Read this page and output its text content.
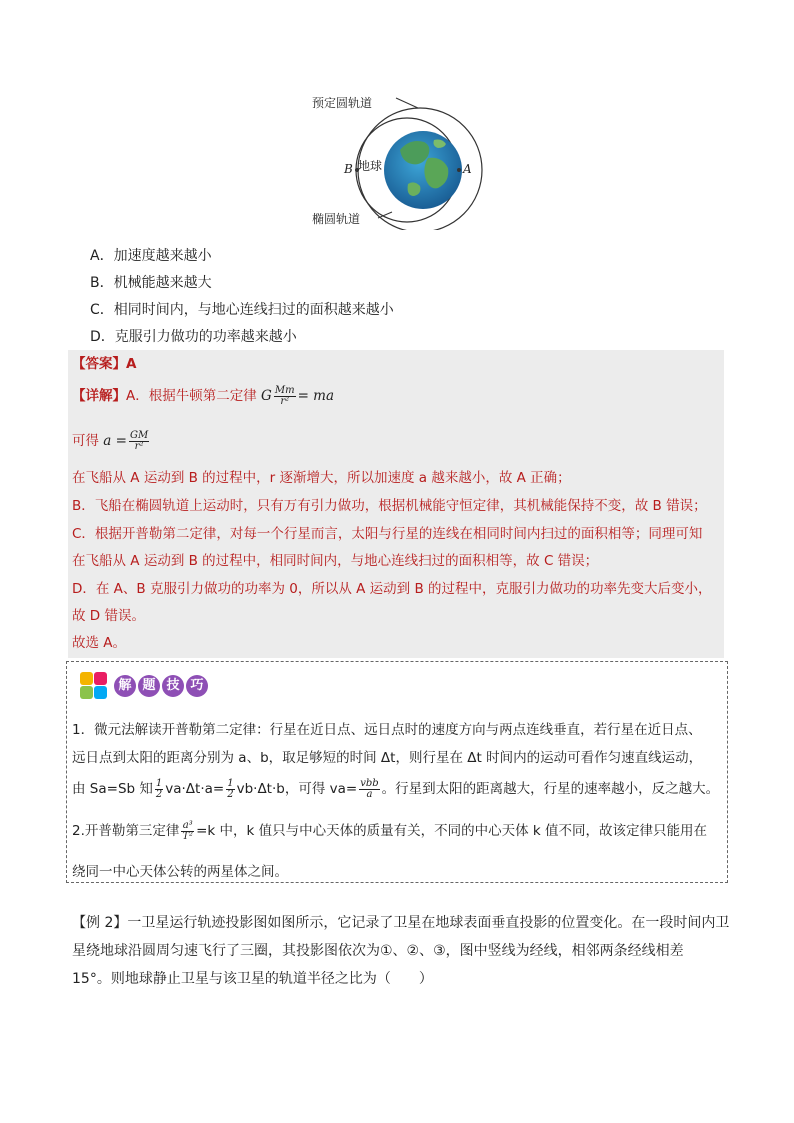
预定圆轨道
椭圆轨道
地球
B	A
A．加速度越来越小
B．机械能越来越大
C．相同时间内，与地心连线扫过的面积越来越小
D．克服引力做功的功率越来越小
【答案】A
【详解】A．根据牛顿第二定律 G $\frac{Mm}{\text{r²}}$ = ma
可得 $a = \frac{GM}{\text{r²}}$
在飞船从 A 运动到 B 的过程中，r 逐渐增大，所以加速度 a 越来越小，故 A 正确；
B．飞船在椭圆轨道上运动时，只有万有引力做功，根据机械能守恒定律，其机械能保持不变，故 B 错误；
C．根据开普勒第二定律，对每一个行星而言，太阳与行星的连线在相同时间内扫过的面积相等；同理可知
在飞船从 A 运动到 B 的过程中，相同时间内，与地心连线扫过的面积相等，故 C 错误；
D．在 A、B 克服引力做功的功率为 0，所以从 A 运动到 B 的过程中，克服引力做功的功率先变大后变小，
故 D 错误。
故选 A。
解 题 技 巧
1．微元法解读开普勒第二定律：行星在近日点、远日点时的速度方向与两点连线垂直，若行星在近日点、
远日点到太阳的距离分别为 a、b，取足够短的时间 Δt，则行星在 Δt 时间内的运动可看作匀速直线运动，
由 Sa=Sb 知 $\frac{1}{2} va\cdot\Delta t\cdot a= \frac{1}{2} vb\cdot\Delta t\cdot b$，可得 $va= \frac{\text{vbb}}{a}$ 。行星到太阳的距离越大，行星的速率越小，反之越大。
2.开普勒第三定律 $\frac{\text{a³}}{\text{T²}} =k$ 中，k 值只与中心天体的质量有关，不同的中心天体 k 值不同，故该定律只能用在
绕同一中心天体公转的两星体之间。
【例 2】一卫星运行轨迹投影图如图所示，它记录了卫星在地球表面垂直投影的位置变化。在一段时间内卫
星绕地球沿圆周匀速飞行了三圈，其投影图依次为①、②、③，图中竖线为经线，相邻两条经线相差
15°。则地球静止卫星与该卫星的轨道半径之比为（　　）
